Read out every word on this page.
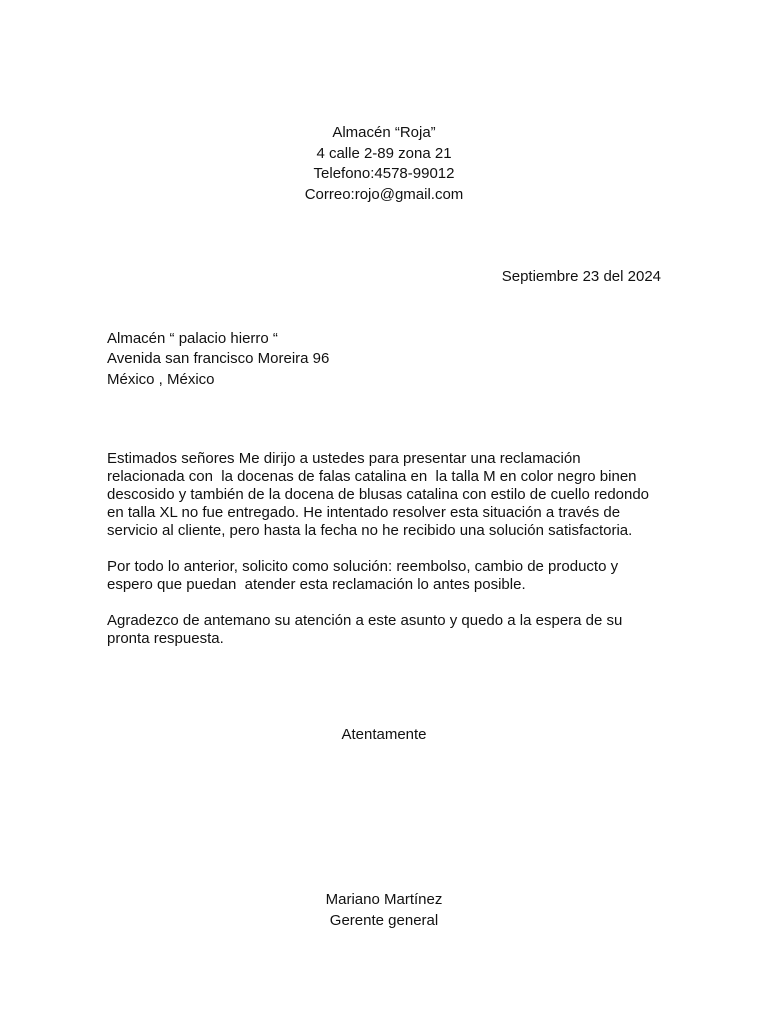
Almacén “Roja”
4 calle 2-89 zona 21
Telefono:4578-99012
Correo:rojo@gmail.com
Septiembre 23 del 2024
Almacén “ palacio hierro “
Avenida san francisco Moreira 96
México , México
Estimados señores Me dirijo a ustedes para presentar una reclamación
relacionada con  la docenas de falas catalina en  la talla M en color negro binen
descosido y también de la docena de blusas catalina con estilo de cuello redondo
en talla XL no fue entregado. He intentado resolver esta situación a través de
servicio al cliente, pero hasta la fecha no he recibido una solución satisfactoria.
Por todo lo anterior, solicito como solución: reembolso, cambio de producto y
espero que puedan  atender esta reclamación lo antes posible.
Agradezco de antemano su atención a este asunto y quedo a la espera de su
pronta respuesta.
Atentamente
Mariano Martínez
Gerente general
